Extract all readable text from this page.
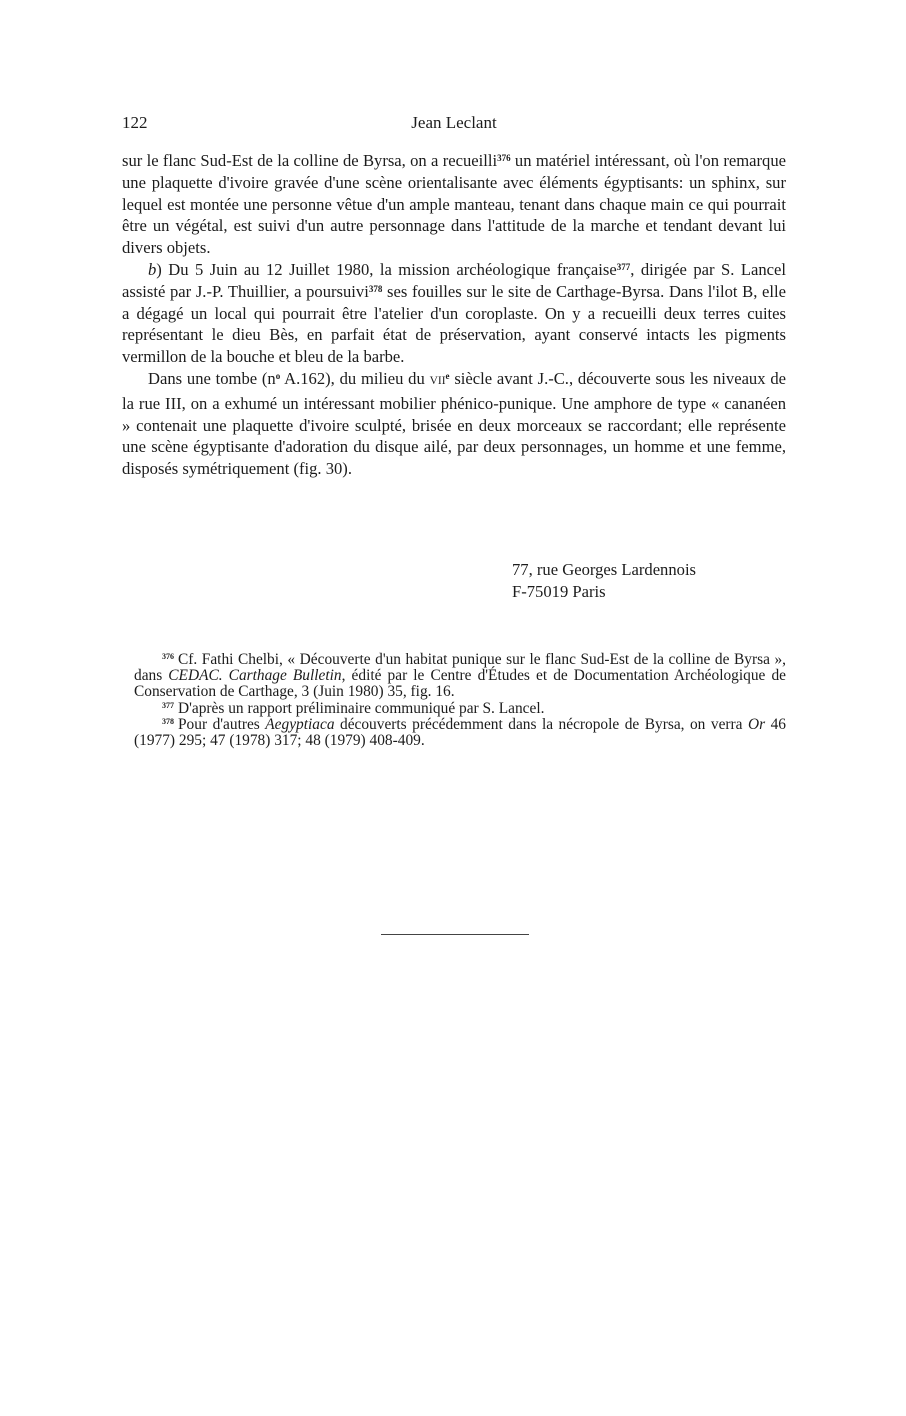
122	Jean Leclant

sur le flanc Sud-Est de la colline de Byrsa, on a recueilli$^{376}$ un matériel intéressant, où l'on remarque une plaquette d'ivoire gravée d'une scène orientalisante avec éléments égyptisants: un sphinx, sur lequel est montée une personne vêtue d'un ample manteau, tenant dans chaque main ce qui pourrait être un végétal, est suivi d'un autre personnage dans l'attitude de la marche et tendant devant lui divers objets.

b) Du 5 Juin au 12 Juillet 1980, la mission archéologique française$^{377}$, dirigée par S. Lancel assisté par J.-P. Thuillier, a poursuivi$^{378}$ ses fouilles sur le site de Carthage-Byrsa. Dans l'ilot B, elle a dégagé un local qui pourrait être l'atelier d'un coroplaste. On y a recueilli deux terres cuites représentant le dieu Bès, en parfait état de préservation, ayant conservé intacts les pigments vermillon de la bouche et bleu de la barbe.

Dans une tombe (n$^o$ A.162), du milieu du VIIe siècle avant J.-C., découverte sous les niveaux de la rue III, on a exhumé un intéressant mobilier phénico-punique. Une amphore de type « cananéen » contenait une plaquette d'ivoire sculpté, brisée en deux morceaux se raccordant; elle représente une scène égyptisante d'adoration du disque ailé, par deux personnages, un homme et une femme, disposés symétriquement (fig. 30).

77, rue Georges Lardennois
F-75019 Paris

$^{376}$ Cf. Fathi Chelbi, « Découverte d'un habitat punique sur le flanc Sud-Est de la colline de Byrsa », dans CEDAC. Carthage Bulletin, édité par le Centre d'Études et de Documentation Archéologique de Conservation de Carthage, 3 (Juin 1980) 35, fig. 16.

$^{377}$ D'après un rapport préliminaire communiqué par S. Lancel.

$^{378}$ Pour d'autres Aegyptiaca découverts précédemment dans la nécropole de Byrsa, on verra Or 46 (1977) 295; 47 (1978) 317; 48 (1979) 408-409.
